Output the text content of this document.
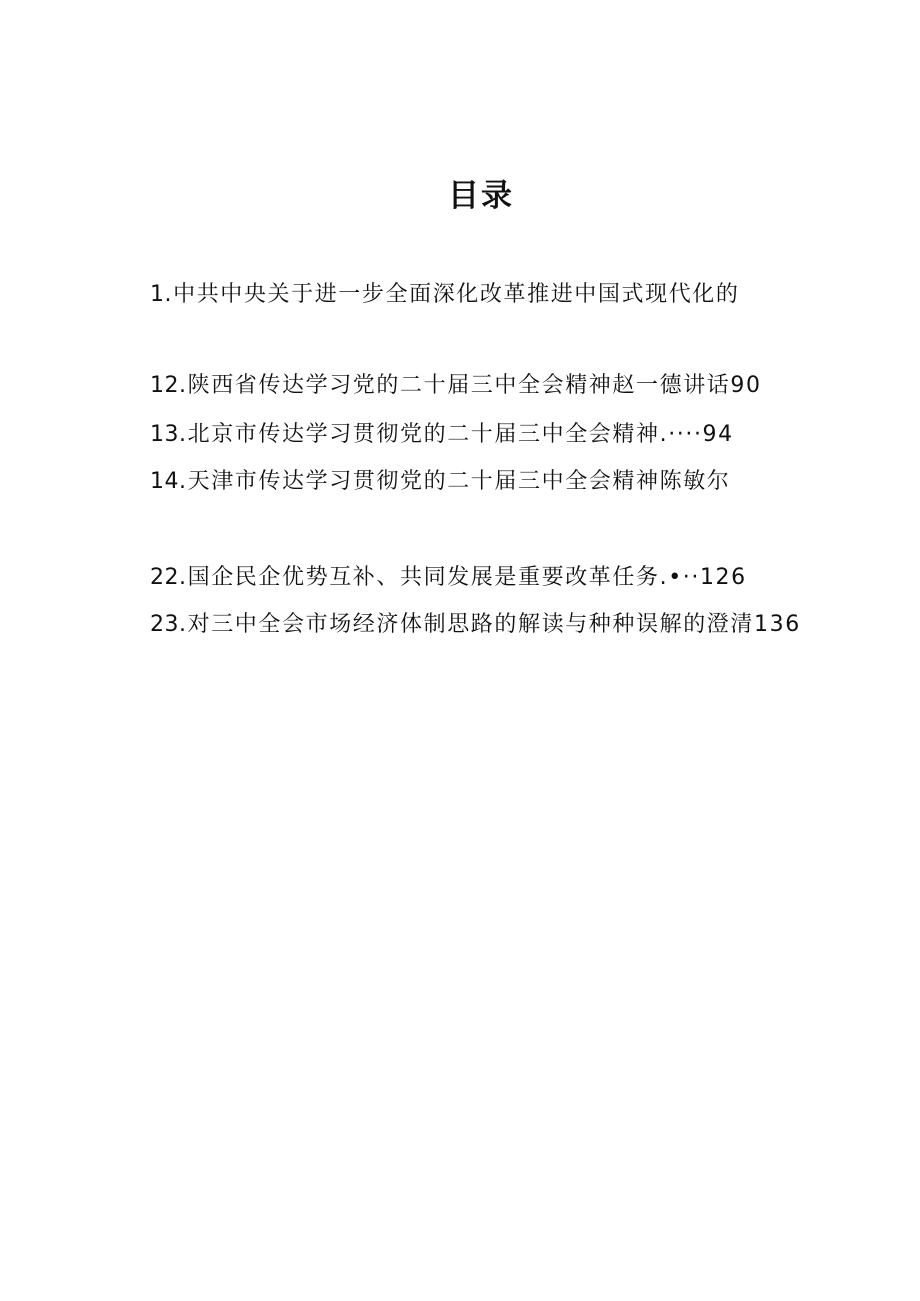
目录
1.中共中央关于进一步全面深化改革推进中国式现代化的
12.陕西省传达学习党的二十届三中全会精神赵一德讲话90
13.北京市传达学习贯彻党的二十届三中全会精神.····94
14.天津市传达学习贯彻党的二十届三中全会精神陈敏尔
22.国企民企优势互补、共同发展是重要改革任务.•··126
23.对三中全会市场经济体制思路的解读与种种误解的澄清136
